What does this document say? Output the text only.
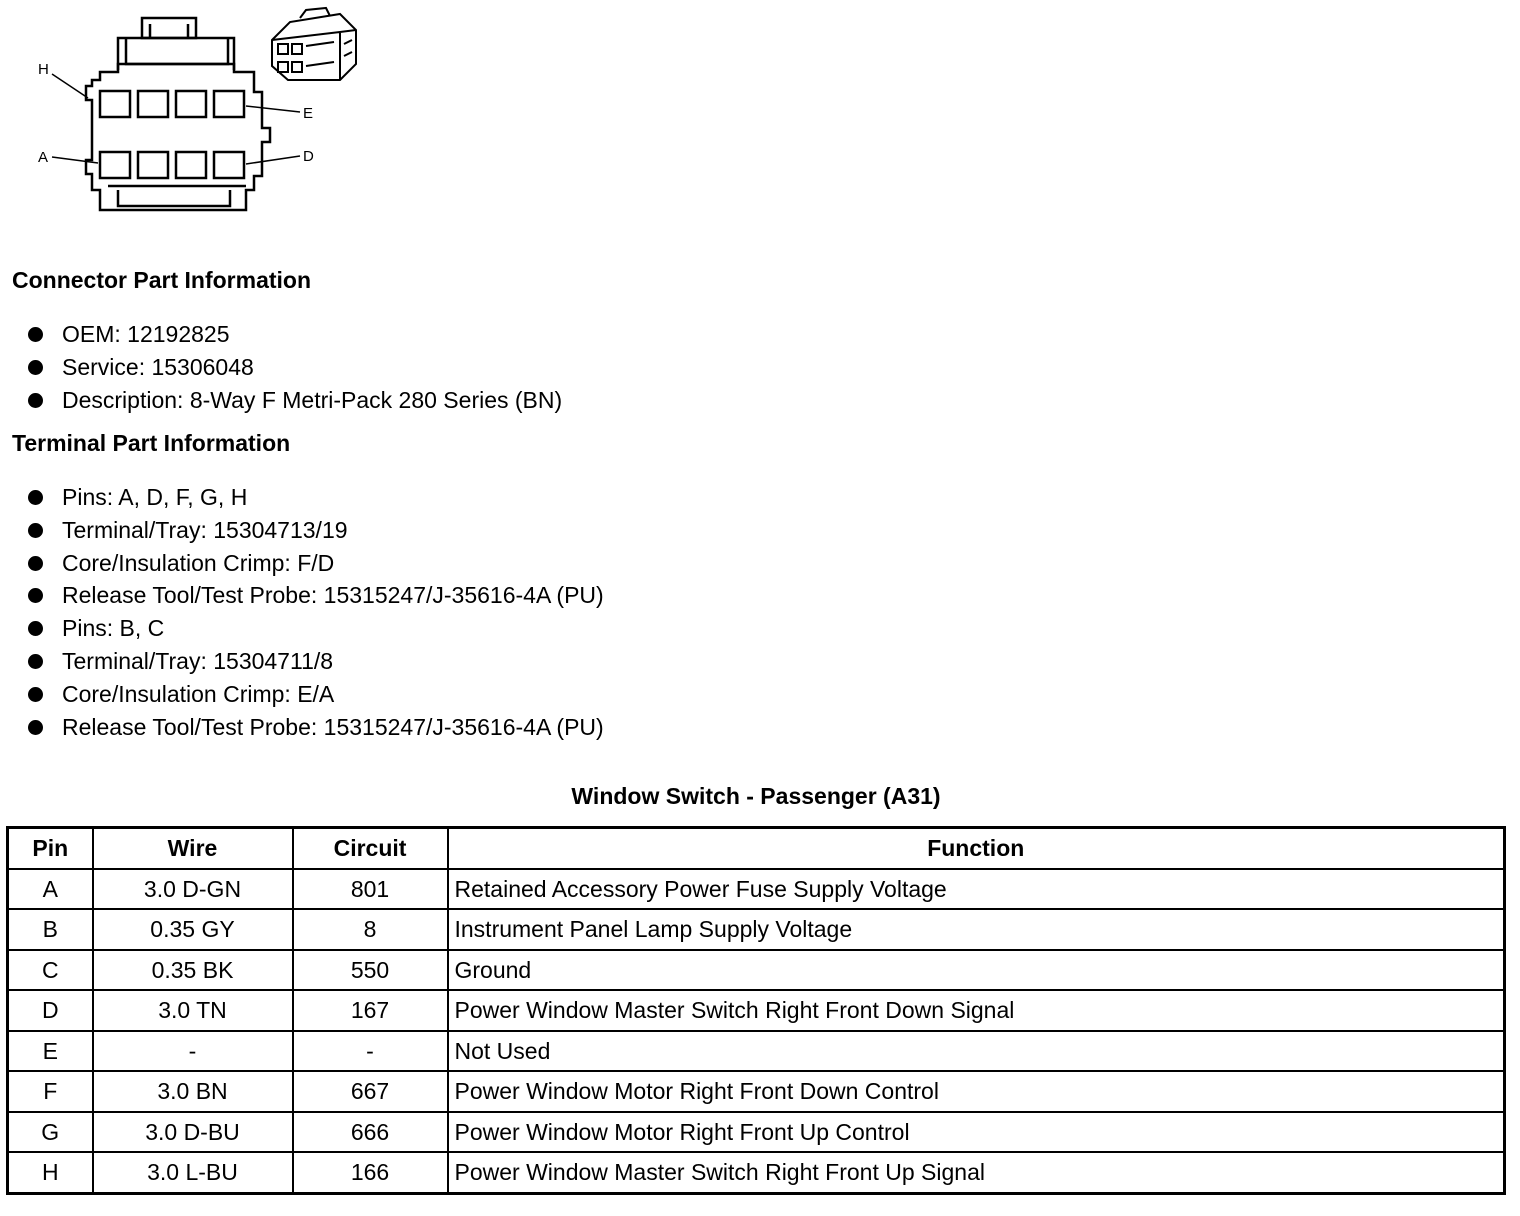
H
A
E
D
Connector Part Information
OEM: 12192825
Service: 15306048
Description: 8-Way F Metri-Pack 280 Series (BN)
Terminal Part Information
Pins: A, D, F, G, H
Terminal/Tray: 15304713/19
Core/Insulation Crimp: F/D
Release Tool/Test Probe: 15315247/J-35616-4A (PU)
Pins: B, C
Terminal/Tray: 15304711/8
Core/Insulation Crimp: E/A
Release Tool/Test Probe: 15315247/J-35616-4A (PU)
Window Switch - Passenger (A31)
Pin	Wire	Circuit	Function
A	3.0 D-GN	801	Retained Accessory Power Fuse Supply Voltage
B	0.35 GY	8	Instrument Panel Lamp Supply Voltage
C	0.35 BK	550	Ground
D	3.0 TN	167	Power Window Master Switch Right Front Down Signal
E	-	-	Not Used
F	3.0 BN	667	Power Window Motor Right Front Down Control
G	3.0 D-BU	666	Power Window Motor Right Front Up Control
H	3.0 L-BU	166	Power Window Master Switch Right Front Up Signal
